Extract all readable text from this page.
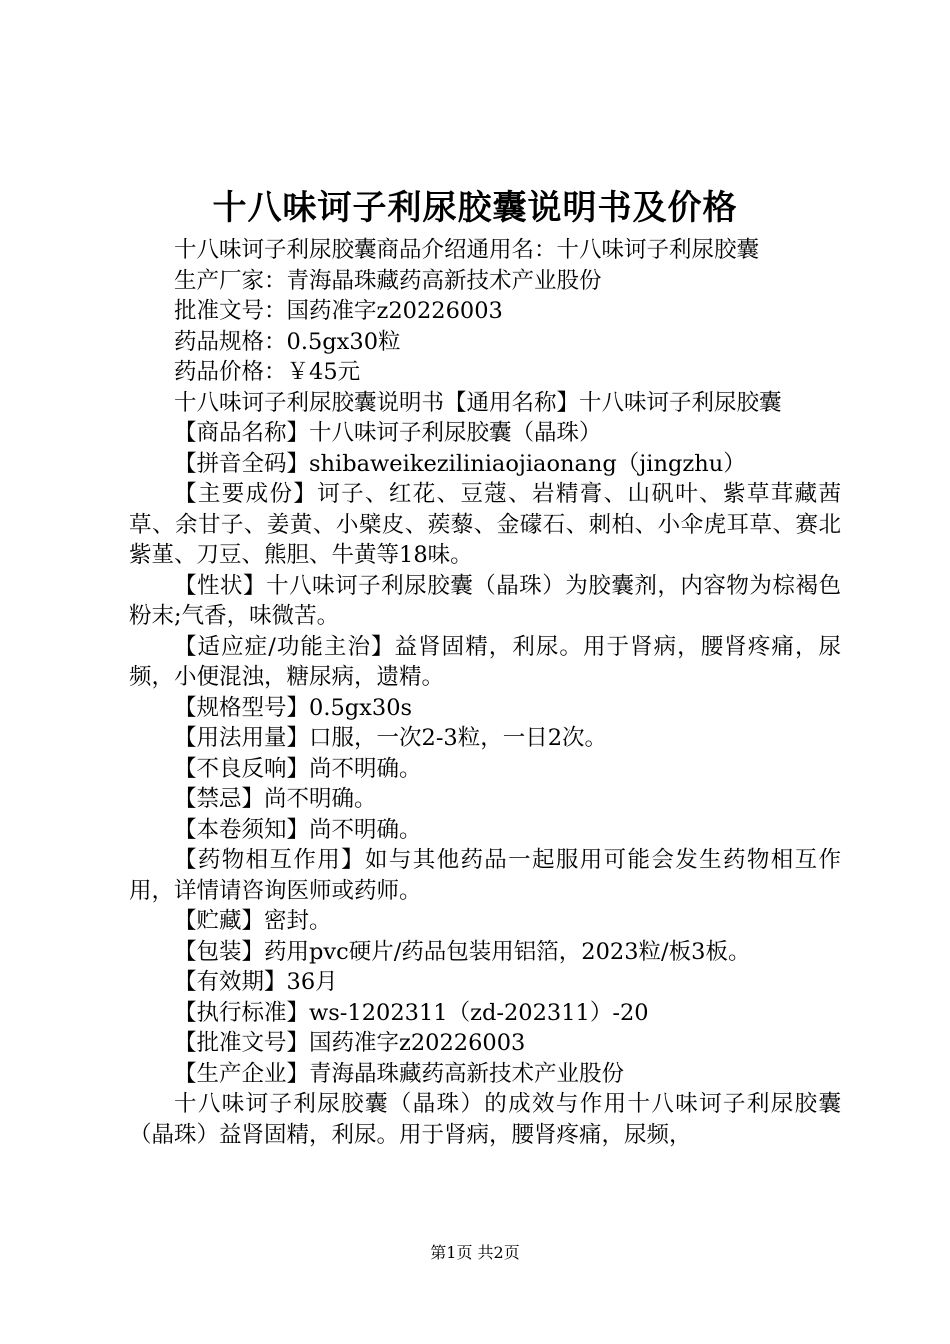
十八味诃子利尿胶囊说明书及价格

十八味诃子利尿胶囊商品介绍通用名：十八味诃子利尿胶囊

生产厂家：青海晶珠藏药高新技术产业股份

批准文号：国药准字z20226003

药品规格：0.5gx30粒

药品价格：￥45元

十八味诃子利尿胶囊说明书【通用名称】十八味诃子利尿胶囊

【商品名称】十八味诃子利尿胶囊（晶珠）

【拼音全码】shibaweikeziliniaojiaonang（jingzhu）

【主要成份】诃子、红花、豆蔻、岩精膏、山矾叶、紫草茸藏茜草、余甘子、姜黄、小檗皮、蒺藜、金礞石、刺柏、小伞虎耳草、赛北紫堇、刀豆、熊胆、牛黄等18味。

【性状】十八味诃子利尿胶囊（晶珠）为胶囊剂，内容物为棕褐色粉末;气香，味微苦。

【适应症/功能主治】益肾固精，利尿。用于肾病，腰肾疼痛，尿频，小便混浊，糖尿病，遗精。

【规格型号】0.5gx30s

【用法用量】口服，一次2-3粒，一日2次。

【不良反响】尚不明确。

【禁忌】尚不明确。

【本卷须知】尚不明确。

【药物相互作用】如与其他药品一起服用可能会发生药物相互作用，详情请咨询医师或药师。

【贮藏】密封。

【包装】药用pvc硬片/药品包装用铝箔，2023粒/板3板。

【有效期】36月

【执行标准】ws-1202311（zd-202311）-20

【批准文号】国药准字z20226003

【生产企业】青海晶珠藏药高新技术产业股份

十八味诃子利尿胶囊（晶珠）的成效与作用十八味诃子利尿胶囊（晶珠）益肾固精，利尿。用于肾病，腰肾疼痛，尿频，

第1页 共2页
